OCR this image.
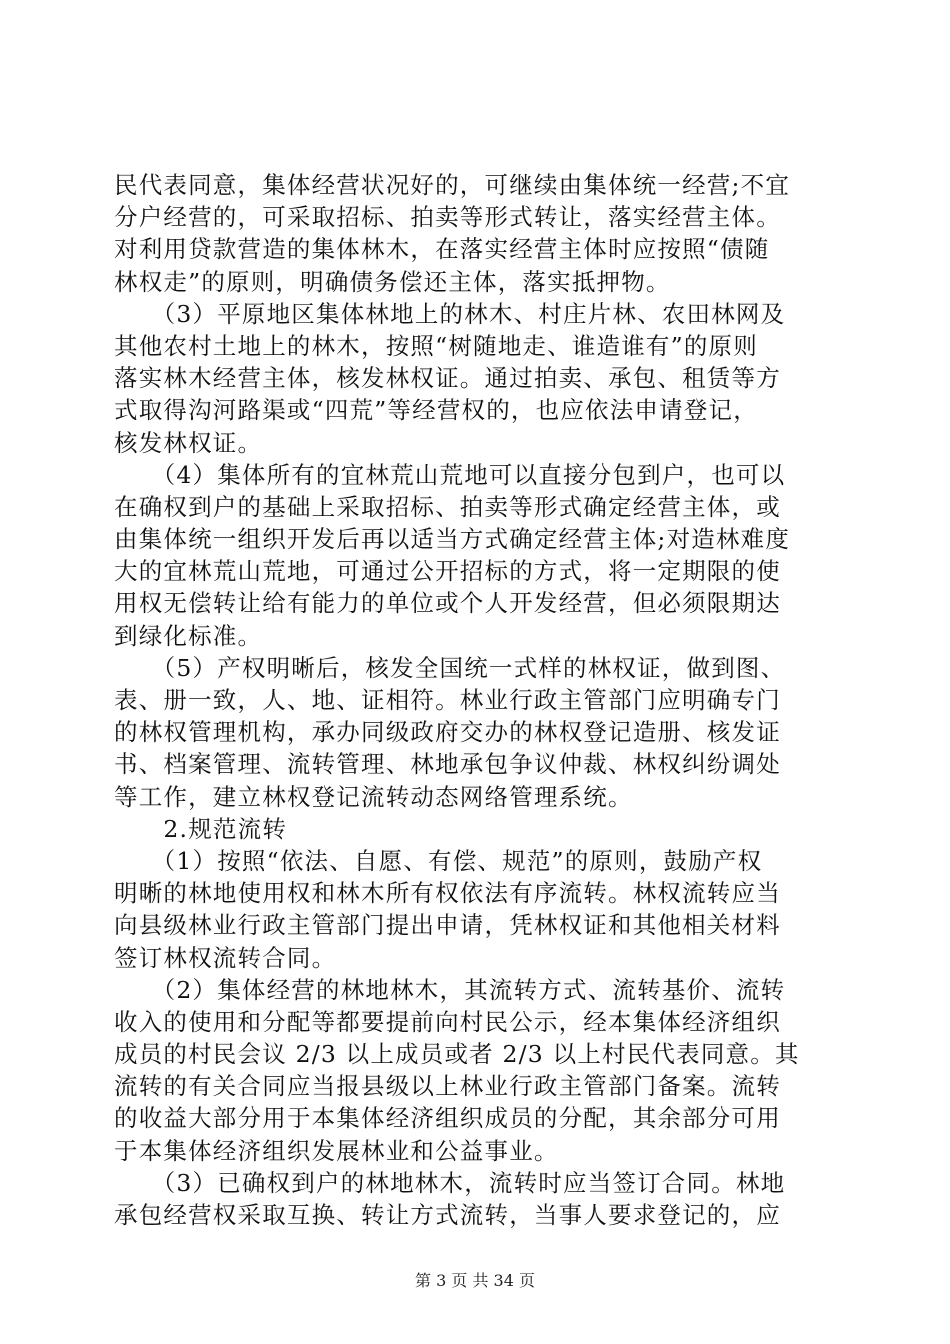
民代表同意，集体经营状况好的，可继续由集体统一经营;不宜
分户经营的，可采取招标、拍卖等形式转让，落实经营主体。
对利用贷款营造的集体林木，在落实经营主体时应按照“债随
林权走”的原则，明确债务偿还主体，落实抵押物。
　　（3）平原地区集体林地上的林木、村庄片林、农田林网及
其他农村土地上的林木，按照“树随地走、谁造谁有”的原则
落实林木经营主体，核发林权证。通过拍卖、承包、租赁等方
式取得沟河路渠或“四荒”等经营权的，也应依法申请登记，
核发林权证。
　　（4）集体所有的宜林荒山荒地可以直接分包到户，也可以
在确权到户的基础上采取招标、拍卖等形式确定经营主体，或
由集体统一组织开发后再以适当方式确定经营主体;对造林难度
大的宜林荒山荒地，可通过公开招标的方式，将一定期限的使
用权无偿转让给有能力的单位或个人开发经营，但必须限期达
到绿化标准。
　　（5）产权明晰后，核发全国统一式样的林权证，做到图、
表、册一致，人、地、证相符。林业行政主管部门应明确专门
的林权管理机构，承办同级政府交办的林权登记造册、核发证
书、档案管理、流转管理、林地承包争议仲裁、林权纠纷调处
等工作，建立林权登记流转动态网络管理系统。
　　2.规范流转
　　（1）按照“依法、自愿、有偿、规范”的原则，鼓励产权
明晰的林地使用权和林木所有权依法有序流转。林权流转应当
向县级林业行政主管部门提出申请，凭林权证和其他相关材料
签订林权流转合同。
　　（2）集体经营的林地林木，其流转方式、流转基价、流转
收入的使用和分配等都要提前向村民公示，经本集体经济组织
成员的村民会议 2/3 以上成员或者 2/3 以上村民代表同意。其
流转的有关合同应当报县级以上林业行政主管部门备案。流转
的收益大部分用于本集体经济组织成员的分配，其余部分可用
于本集体经济组织发展林业和公益事业。
　　（3）已确权到户的林地林木，流转时应当签订合同。林地
承包经营权采取互换、转让方式流转，当事人要求登记的，应
第 3 页 共 34 页
